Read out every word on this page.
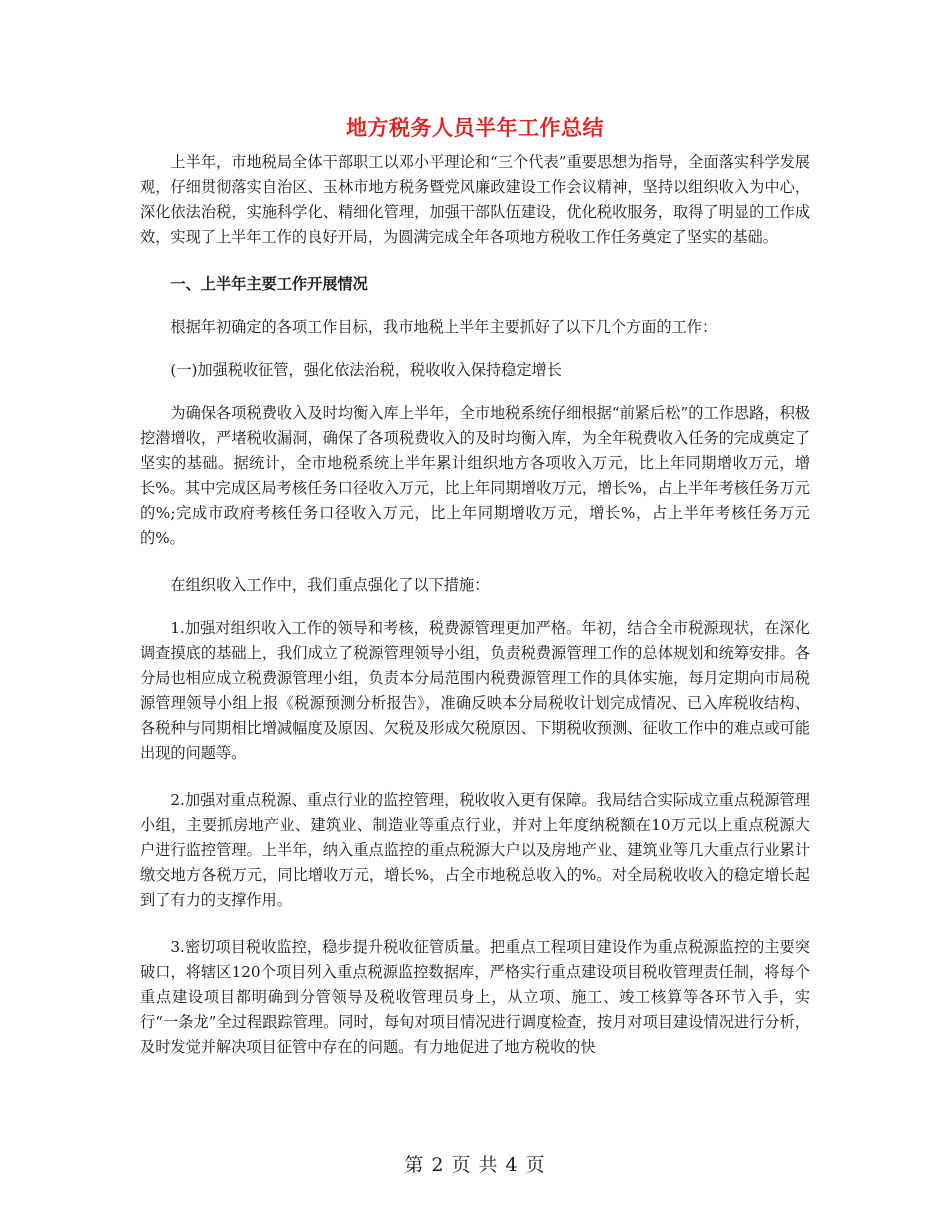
地方税务人员半年工作总结

上半年，市地税局全体干部职工以邓小平理论和“三个代表”重要思想为指导，全面落实科学发展观，仔细贯彻落实自治区、玉林市地方税务暨党风廉政建设工作会议精神，坚持以组织收入为中心，深化依法治税，实施科学化、精细化管理，加强干部队伍建设，优化税收服务，取得了明显的工作成效，实现了上半年工作的良好开局，为圆满完成全年各项地方税收工作任务奠定了坚实的基础。

一、上半年主要工作开展情况
根据年初确定的各项工作目标，我市地税上半年主要抓好了以下几个方面的工作：
(一)加强税收征管，强化依法治税，税收收入保持稳定增长

为确保各项税费收入及时均衡入库上半年，全市地税系统仔细根据“前紧后松”的工作思路，积极挖潜增收，严堵税收漏洞，确保了各项税费收入的及时均衡入库，为全年税费收入任务的完成奠定了坚实的基础。据统计，全市地税系统上半年累计组织地方各项收入万元，比上年同期增收万元，增长%。其中完成区局考核任务口径收入万元，比上年同期增收万元，增长%，占上半年考核任务万元的%;完成市政府考核任务口径收入万元，比上年同期增收万元，增长%，占上半年考核任务万元的%。

在组织收入工作中，我们重点强化了以下措施：

1.加强对组织收入工作的领导和考核，税费源管理更加严格。年初，结合全市税源现状，在深化调查摸底的基础上，我们成立了税源管理领导小组，负责税费源管理工作的总体规划和统筹安排。各分局也相应成立税费源管理小组，负责本分局范围内税费源管理工作的具体实施，每月定期向市局税源管理领导小组上报《税源预测分析报告》，准确反映本分局税收计划完成情况、已入库税收结构、各税种与同期相比增减幅度及原因、欠税及形成欠税原因、下期税收预测、征收工作中的难点或可能出现的问题等。

2.加强对重点税源、重点行业的监控管理，税收收入更有保障。我局结合实际成立重点税源管理小组，主要抓房地产业、建筑业、制造业等重点行业，并对上年度纳税额在10万元以上重点税源大户进行监控管理。上半年，纳入重点监控的重点税源大户以及房地产业、建筑业等几大重点行业累计缴交地方各税万元，同比增收万元，增长%，占全市地税总收入的%。对全局税收收入的稳定增长起到了有力的支撑作用。

3.密切项目税收监控，稳步提升税收征管质量。把重点工程项目建设作为重点税源监控的主要突破口，将辖区120个项目列入重点税源监控数据库，严格实行重点建设项目税收管理责任制，将每个重点建设项目都明确到分管领导及税收管理员身上，从立项、施工、竣工核算等各环节入手，实行“一条龙”全过程跟踪管理。同时，每旬对项目情况进行调度检查，按月对项目建设情况进行分析，及时发觉并解决项目征管中存在的问题。有力地促进了地方税收的快

第 2 页 共 4 页
